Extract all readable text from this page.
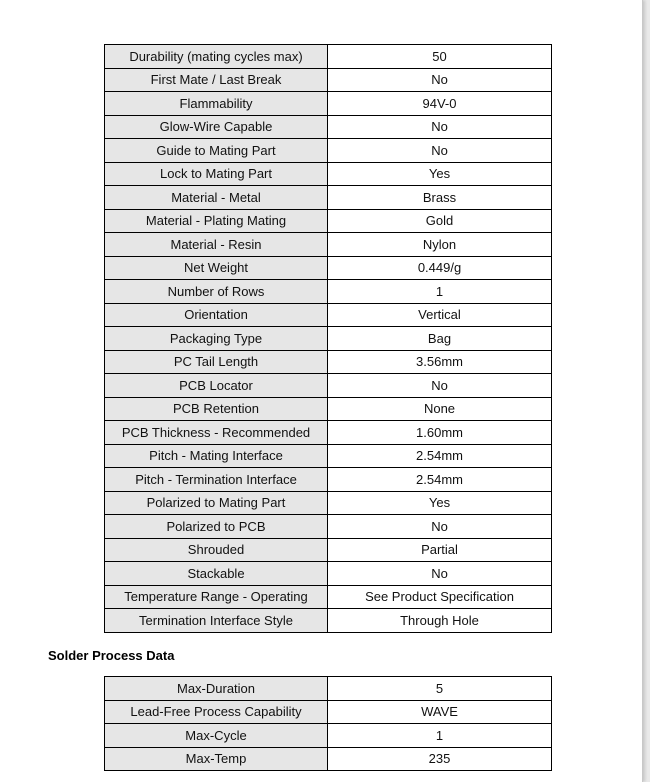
Durability (mating cycles max)	50
First Mate / Last Break	No
Flammability	94V-0
Glow-Wire Capable	No
Guide to Mating Part	No
Lock to Mating Part	Yes
Material - Metal	Brass
Material - Plating Mating	Gold
Material - Resin	Nylon
Net Weight	0.449/g
Number of Rows	1
Orientation	Vertical
Packaging Type	Bag
PC Tail Length	3.56mm
PCB Locator	No
PCB Retention	None
PCB Thickness - Recommended	1.60mm
Pitch - Mating Interface	2.54mm
Pitch - Termination Interface	2.54mm
Polarized to Mating Part	Yes
Polarized to PCB	No
Shrouded	Partial
Stackable	No
Temperature Range - Operating	See Product Specification
Termination Interface Style	Through Hole
Solder Process Data
Max-Duration	5
Lead-Free Process Capability	WAVE
Max-Cycle	1
Max-Temp	235
